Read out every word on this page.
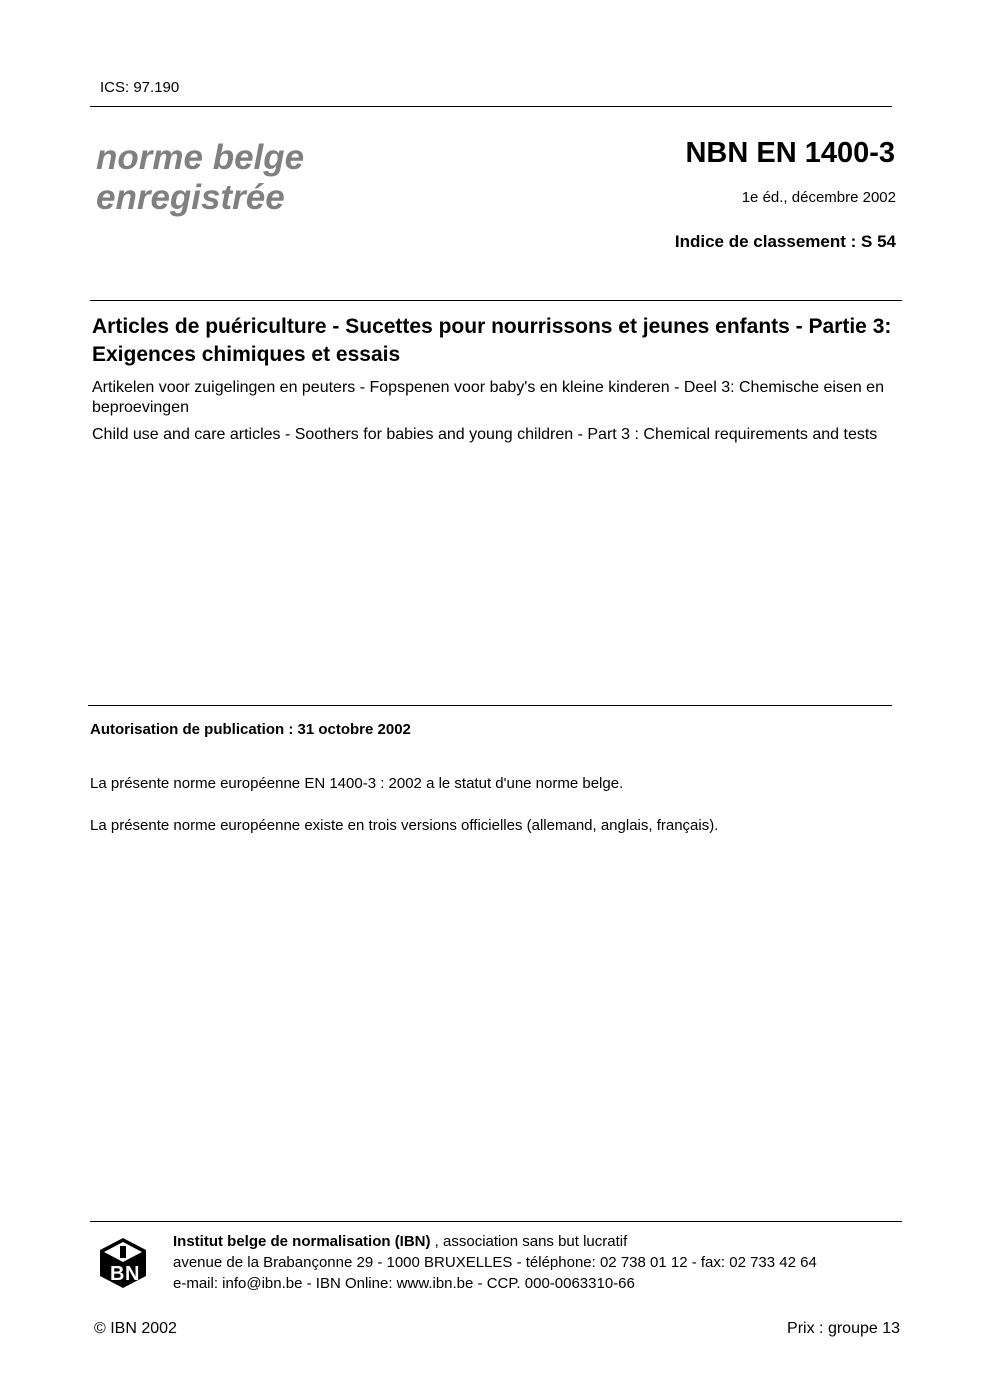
ICS: 97.190
norme belge
enregistrée
NBN EN 1400-3
1e éd., décembre 2002
Indice de classement : S 54
Articles de puériculture - Sucettes pour nourrissons et jeunes enfants - Partie 3: Exigences chimiques et essais
Artikelen voor zuigelingen en peuters - Fopspenen voor baby's en kleine kinderen - Deel 3: Chemische eisen en beproevingen
Child use and care articles - Soothers for babies and young children - Part 3 : Chemical requirements and tests
Autorisation de publication : 31 octobre 2002
La présente norme européenne EN 1400-3 : 2002 a le statut d'une norme belge.
La présente norme européenne existe en trois versions officielles (allemand, anglais, français).
B N
Institut belge de normalisation (IBN) , association sans but lucratif
avenue de la Brabançonne 29 - 1000 BRUXELLES - téléphone: 02 738 01 12 - fax: 02 733 42 64
e-mail: info@ibn.be - IBN Online: www.ibn.be - CCP. 000-0063310-66
© IBN 2002	Prix : groupe 13
